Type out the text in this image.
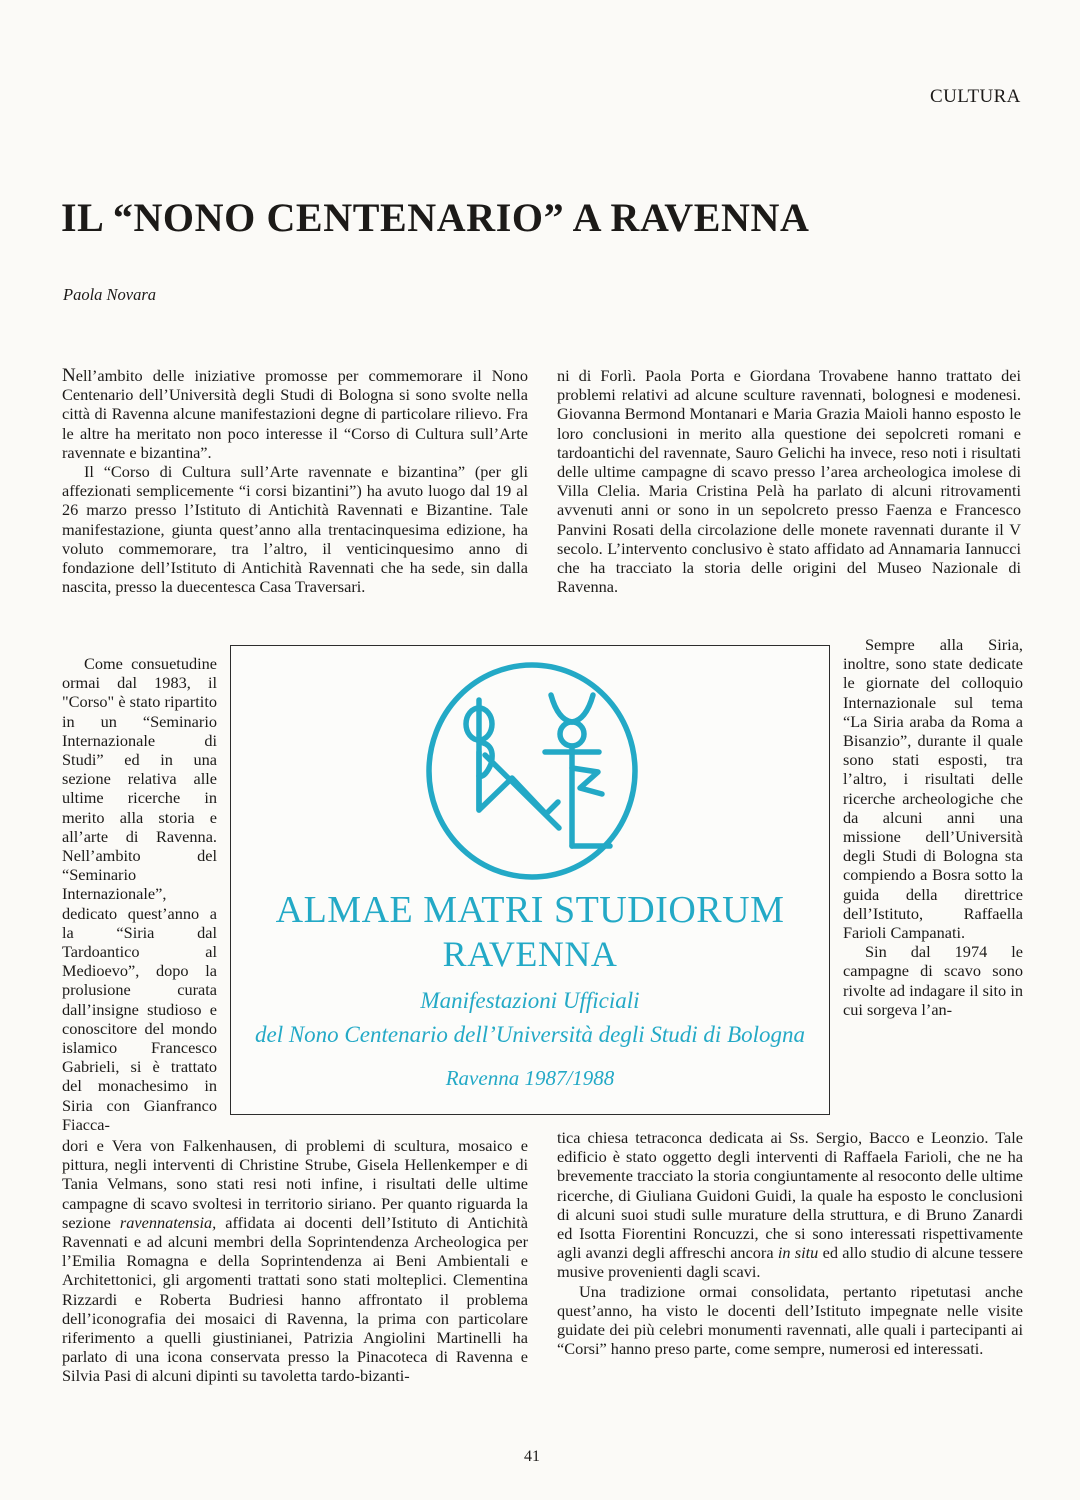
CULTURA
IL “NONO CENTENARIO” A RAVENNA
Paola Novara

Nell’ambito delle iniziative promosse per commemorare il Nono Centenario dell’Università degli Studi di Bologna si sono svolte nella città di Ravenna alcune manifestazioni degne di particolare rilievo. Fra le altre ha meritato non poco interesse il “Corso di Cultura sull’Arte ravennate e bizantina”.

Il “Corso di Cultura sull’Arte ravennate e bizantina” (per gli affezionati semplicemente “i corsi bizantini”) ha avuto luogo dal 19 al 26 marzo presso l’Istituto di Antichità Ravennati e Bizantine. Tale manifestazione, giunta quest’anno alla trentacinquesima edizione, ha voluto commemorare, tra l’altro, il venticinquesimo anno di fondazione dell’Istituto di Antichità Ravennati che ha sede, sin dalla nascita, presso la duecentesca Casa Traversari.

Come consuetudine ormai dal 1983, il "Corso" è stato ripartito in un “Seminario Internazionale di Studi” ed in una sezione relativa alle ultime ricerche in merito alla storia e all’arte di Ravenna. Nell’ambito del “Seminario Internazionale”, dedicato quest’anno a la “Siria dal Tardoantico al Medioevo”, dopo la prolusione curata dall’insigne studioso e conoscitore del mondo islamico Francesco Gabrieli, si è trattato del monachesimo in Siria con Gianfranco Fiacca-

dori e Vera von Falkenhausen, di problemi di scultura, mosaico e pittura, negli interventi di Christine Strube, Gisela Hellenkemper e di Tania Velmans, sono stati resi noti infine, i risultati delle ultime campagne di scavo svoltesi in territorio siriano. Per quanto riguarda la sezione ravennatensia, affidata ai docenti dell’Istituto di Antichità Ravennati e ad alcuni membri della Soprintendenza Archeologica per l’Emilia Romagna e della Soprintendenza ai Beni Ambientali e Architettonici, gli argomenti trattati sono stati molteplici. Clementina Rizzardi e Roberta Budriesi hanno affrontato il problema dell’iconografia dei mosaici di Ravenna, la prima con particolare riferimento a quelli giustinianei, Patrizia Angiolini Martinelli ha parlato di una icona conservata presso la Pinacoteca di Ravenna e Silvia Pasi di alcuni dipinti su tavoletta tardo-bizanti-

ni di Forlì. Paola Porta e Giordana Trovabene hanno trattato dei problemi relativi ad alcune sculture ravennati, bolognesi e modenesi. Giovanna Bermond Montanari e Maria Grazia Maioli hanno esposto le loro conclusioni in merito alla questione dei sepolcreti romani e tardoantichi del ravennate, Sauro Gelichi ha invece, reso noti i risultati delle ultime campagne di scavo presso l’area archeologica imolese di Villa Clelia. Maria Cristina Pelà ha parlato di alcuni ritrovamenti avvenuti anni or sono in un sepolcreto presso Faenza e Francesco Panvini Rosati della circolazione delle monete ravennati durante il V secolo. L’intervento conclusivo è stato affidato ad Annamaria Iannucci che ha tracciato la storia delle origini del Museo Nazionale di Ravenna.

Sempre alla Siria, inoltre, sono state dedicate le giornate del colloquio Internazionale sul tema “La Siria araba da Roma a Bisanzio”, durante il quale sono stati esposti, tra l’altro, i risultati delle ricerche archeologiche che da alcuni anni una missione dell’Università degli Studi di Bologna sta compiendo a Bosra sotto la guida della direttrice dell’Istituto, Raffaella Farioli Campanati.

Sin dal 1974 le campagne di scavo sono rivolte ad indagare il sito in cui sorgeva l’an-

tica chiesa tetraconca dedicata ai Ss. Sergio, Bacco e Leonzio. Tale edificio è stato oggetto degli interventi di Raffaela Farioli, che ne ha brevemente tracciato la storia congiuntamente al resoconto delle ultime ricerche, di Giuliana Guidoni Guidi, la quale ha esposto le conclusioni di alcuni suoi studi sulle murature della struttura, e di Bruno Zanardi ed Isotta Fiorentini Roncuzzi, che si sono interessati rispettivamente agli avanzi degli affreschi ancora in situ ed allo studio di alcune tessere musive provenienti dagli scavi.

Una tradizione ormai consolidata, pertanto ripetutasi anche quest’anno, ha visto le docenti dell’Istituto impegnate nelle visite guidate dei più celebri monumenti ravennati, alle quali i partecipanti ai “Corsi” hanno preso parte, come sempre, numerosi ed interessati.

ALMAE MATRI STUDIORUM
RAVENNA
Manifestazioni Ufficiali
del Nono Centenario dell’Università degli Studi di Bologna
Ravenna 1987/1988
41
